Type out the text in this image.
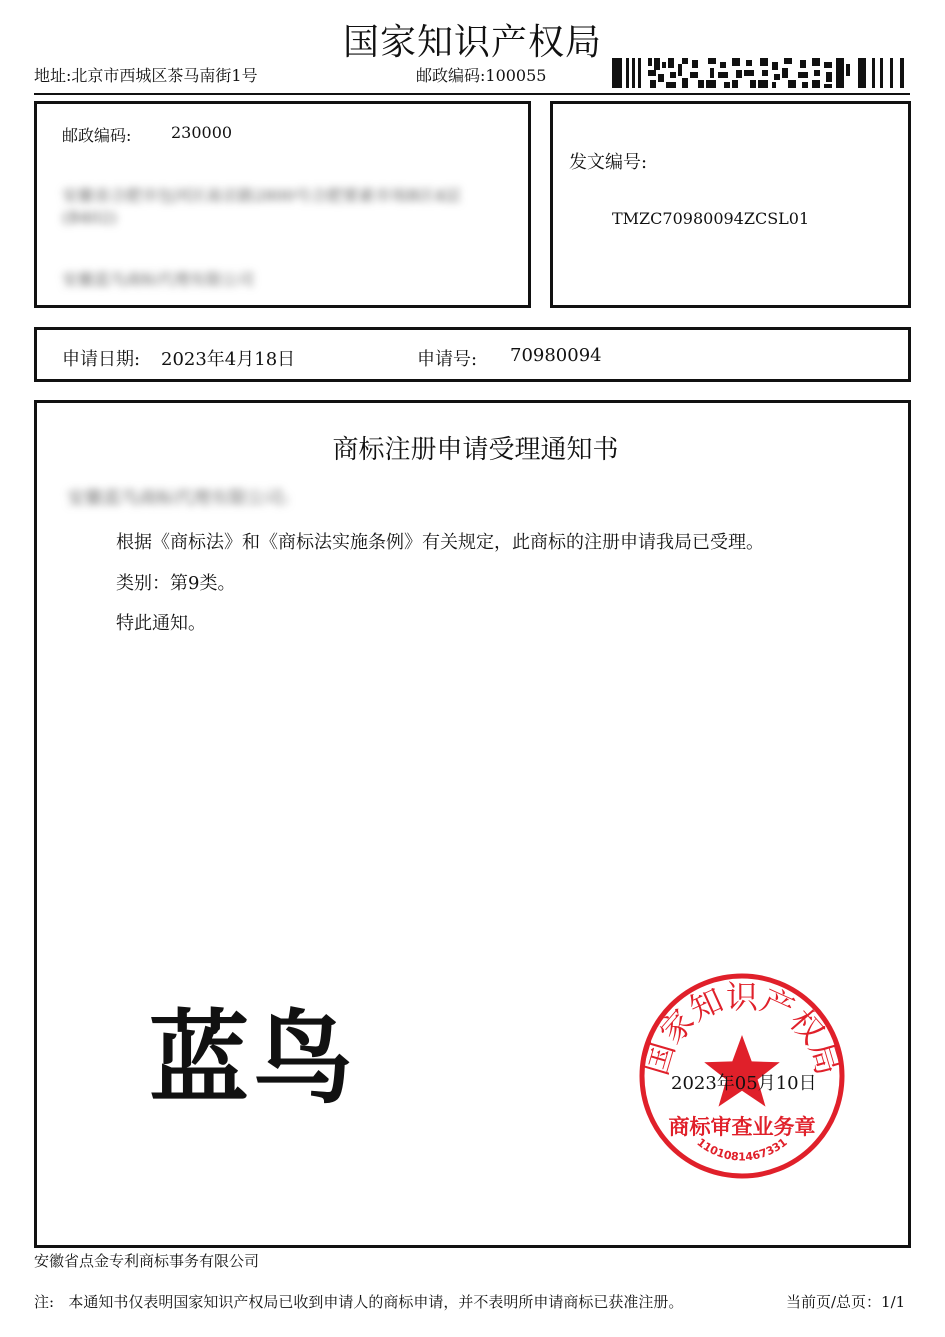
国家知识产权局
地址:北京市西城区茶马南街1号	邮政编码:100055
邮政编码: 230000
安徽省合肥市包河区南京路2800号合肥要素市场B区4层
(B402)
安徽蓝鸟商标代理有限公司
发文编号:
TMZC70980094ZCSL01
申请日期: 2023年4月18日	申请号: 70980094
商标注册申请受理通知书
安徽蓝鸟商标代理有限公司:
根据《商标法》和《商标法实施条例》有关规定，此商标的注册申请我局已受理。
类别：第9类。
特此通知。
蓝鸟	国家知识产权局
商标审查业务章
1101081467331
2023年05月10日
安徽省点金专利商标事务有限公司
注:   本通知书仅表明国家知识产权局已收到申请人的商标申请，并不表明所申请商标已获准注册。	当前页/总页：1/1
